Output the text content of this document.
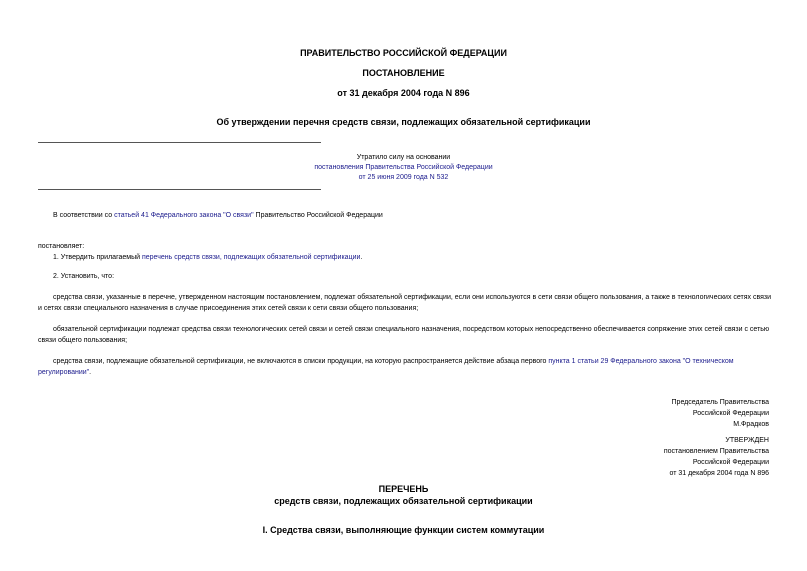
ПРАВИТЕЛЬСТВО РОССИЙСКОЙ ФЕДЕРАЦИИ
ПОСТАНОВЛЕНИЕ
от 31 декабря 2004 года N 896
Об утверждении перечня средств связи, подлежащих обязательной сертификации
Утратило силу на основании
постановления Правительства Российской Федерации
от 25 июня 2009 года N 532
В соответствии со статьей 41 Федерального закона "О связи" Правительство Российской Федерации
постановляет:
1. Утвердить прилагаемый перечень средств связи, подлежащих обязательной сертификации.
2. Установить, что:
средства связи, указанные в перечне, утвержденном настоящим постановлением, подлежат обязательной сертификации, если они используются в сети связи общего пользования, а также в технологических сетях связи и сетях связи специального назначения в случае присоединения этих сетей связи к сети связи общего пользования;
обязательной сертификации подлежат средства связи технологических сетей связи и сетей связи специального назначения, посредством которых непосредственно обеспечивается сопряжение этих сетей связи с сетью связи общего пользования;
средства связи, подлежащие обязательной сертификации, не включаются в списки продукции, на которую распространяется действие абзаца первого пункта 1 статьи 29 Федерального закона "О техническом регулировании".
Председатель Правительства
Российской Федерации
М.Фрадков
УТВЕРЖДЕН
постановлением Правительства
Российской Федерации
от 31 декабря 2004 года N 896
ПЕРЕЧЕНЬ
средств связи, подлежащих обязательной сертификации
I. Средства связи, выполняющие функции систем коммутации
